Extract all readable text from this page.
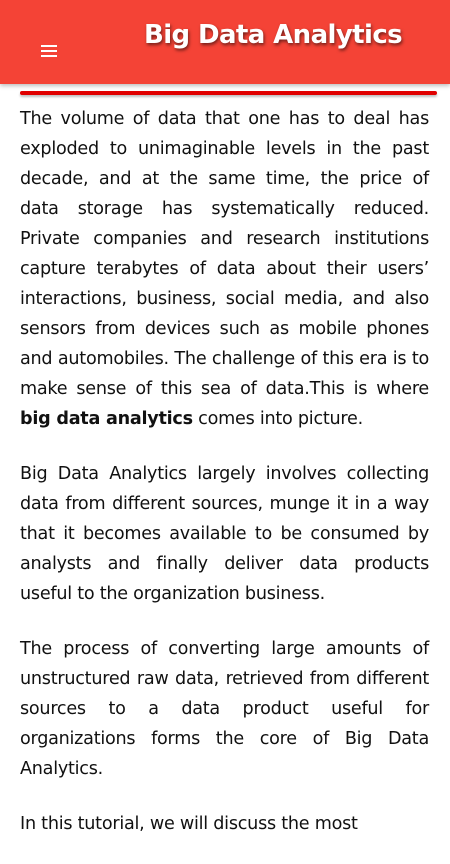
Big Data Analytics

The volume of data that one has to deal has exploded to unimaginable levels in the past decade, and at the same time, the price of data storage has systematically reduced. Private companies and research institutions capture terabytes of data about their users’ interactions, business, social media, and also sensors from devices such as mobile phones and automobiles. The challenge of this era is to make sense of this sea of data.This is where big data analytics comes into picture.

Big Data Analytics largely involves collecting data from different sources, munge it in a way that it becomes available to be consumed by analysts and finally deliver data products useful to the organization business.

The process of converting large amounts of unstructured raw data, retrieved from different sources to a data product useful for organizations forms the core of Big Data Analytics.

In this tutorial, we will discuss the most
